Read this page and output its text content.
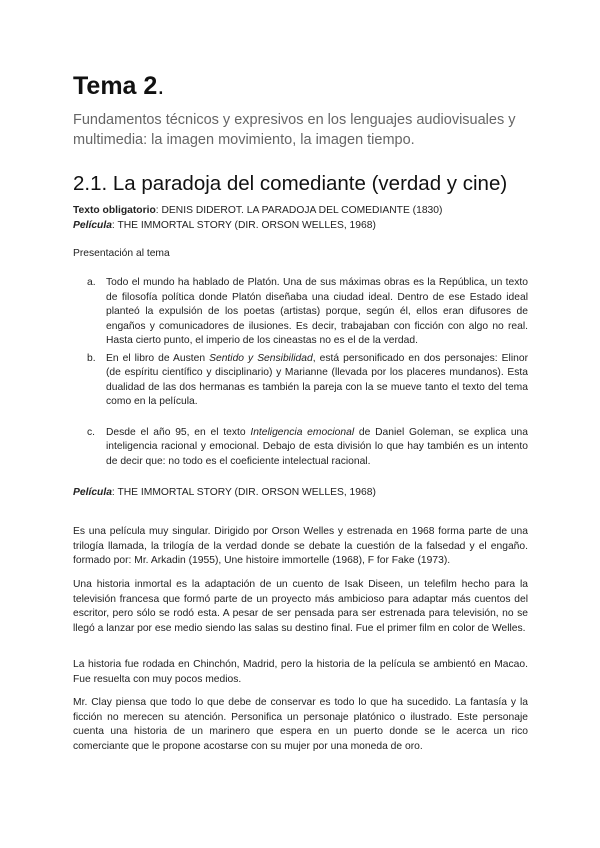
Tema 2.

Fundamentos técnicos y expresivos en los lenguajes audiovisuales y multimedia: la imagen movimiento, la imagen tiempo.

2.1. La paradoja del comediante (verdad y cine)
Texto obligatorio: DENIS DIDEROT. LA PARADOJA DEL COMEDIANTE (1830)
Película: THE IMMORTAL STORY (DIR. ORSON WELLES, 1968)
Presentación al tema
a. Todo el mundo ha hablado de Platón. Una de sus máximas obras es la República, un texto de filosofía política donde Platón diseñaba una ciudad ideal. Dentro de ese Estado ideal planteó la expulsión de los poetas (artistas) porque, según él, ellos eran difusores de engaños y comunicadores de ilusiones. Es decir, trabajaban con ficción con algo no real. Hasta cierto punto, el imperio de los cineastas no es el de la verdad.
b. En el libro de Austen Sentido y Sensibilidad, está personificado en dos personajes: Elinor (de espíritu científico y disciplinario) y Marianne (llevada por los placeres mundanos). Esta dualidad de las dos hermanas es también la pareja con la se mueve tanto el texto del tema como en la película.
c. Desde el año 95, en el texto Inteligencia emocional de Daniel Goleman, se explica una inteligencia racional y emocional. Debajo de esta división lo que hay también es un intento de decir que: no todo es el coeficiente intelectual racional.
Película: THE IMMORTAL STORY (DIR. ORSON WELLES, 1968)

Es una película muy singular. Dirigido por Orson Welles y estrenada en 1968 forma parte de una trilogía llamada, la trilogía de la verdad donde se debate la cuestión de la falsedad y el engaño. formado por: Mr. Arkadin (1955), Une histoire immortelle (1968), F for Fake (1973).

Una historia inmortal es la adaptación de un cuento de Isak Diseen, un telefilm hecho para la televisión francesa que formó parte de un proyecto más ambicioso para adaptar más cuentos del escritor, pero sólo se rodó esta. A pesar de ser pensada para ser estrenada para televisión, no se llegó a lanzar por ese medio siendo las salas su destino final. Fue el primer film en color de Welles.

La historia fue rodada en Chinchón, Madrid, pero la historia de la película se ambientó en Macao. Fue resuelta con muy pocos medios.

Mr. Clay piensa que todo lo que debe de conservar es todo lo que ha sucedido. La fantasía y la ficción no merecen su atención. Personifica un personaje platónico o ilustrado. Este personaje cuenta una historia de un marinero que espera en un puerto donde se le acerca un rico comerciante que le propone acostarse con su mujer por una moneda de oro.
